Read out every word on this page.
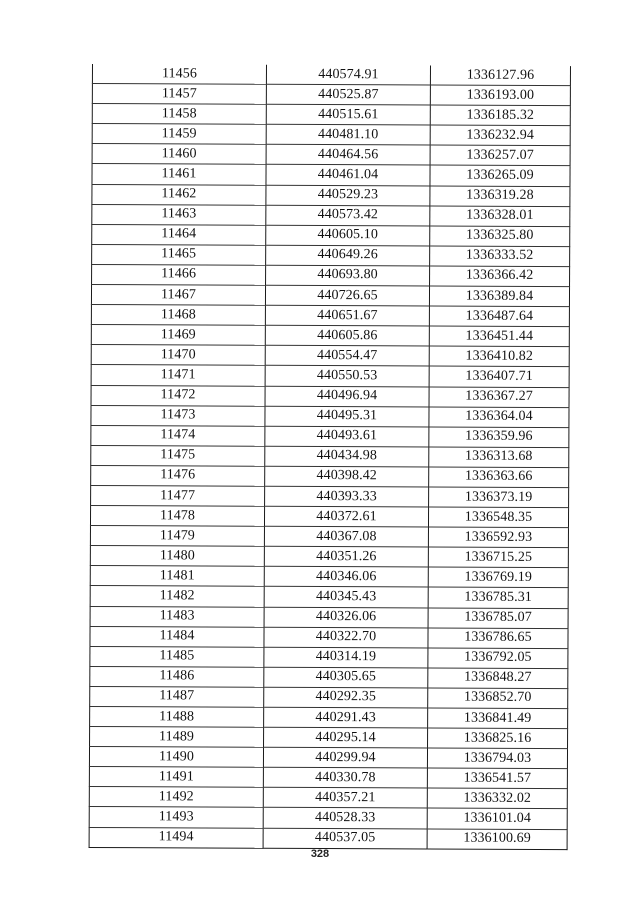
11456	440574.91	1336127.96
11457	440525.87	1336193.00
11458	440515.61	1336185.32
11459	440481.10	1336232.94
11460	440464.56	1336257.07
11461	440461.04	1336265.09
11462	440529.23	1336319.28
11463	440573.42	1336328.01
11464	440605.10	1336325.80
11465	440649.26	1336333.52
11466	440693.80	1336366.42
11467	440726.65	1336389.84
11468	440651.67	1336487.64
11469	440605.86	1336451.44
11470	440554.47	1336410.82
11471	440550.53	1336407.71
11472	440496.94	1336367.27
11473	440495.31	1336364.04
11474	440493.61	1336359.96
11475	440434.98	1336313.68
11476	440398.42	1336363.66
11477	440393.33	1336373.19
11478	440372.61	1336548.35
11479	440367.08	1336592.93
11480	440351.26	1336715.25
11481	440346.06	1336769.19
11482	440345.43	1336785.31
11483	440326.06	1336785.07
11484	440322.70	1336786.65
11485	440314.19	1336792.05
11486	440305.65	1336848.27
11487	440292.35	1336852.70
11488	440291.43	1336841.49
11489	440295.14	1336825.16
11490	440299.94	1336794.03
11491	440330.78	1336541.57
11492	440357.21	1336332.02
11493	440528.33	1336101.04
11494	440537.05	1336100.69
328
